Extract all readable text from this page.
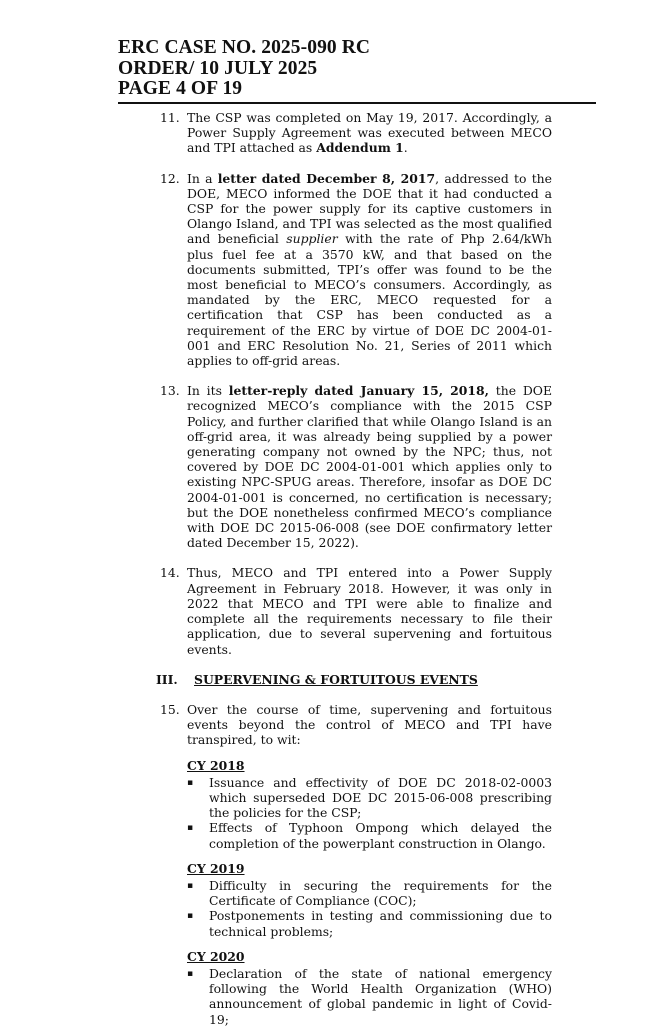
ERC CASE NO. 2025-090 RC
ORDER/ 10 JULY 2025
PAGE 4 OF 19
11. The CSP was completed on May 19, 2017. Accordingly, a Power Supply Agreement was executed between MECO and TPI attached as Addendum 1.
12. In a letter dated December 8, 2017, addressed to the DOE, MECO informed the DOE that it had conducted a CSP for the power supply for its captive customers in Olango Island, and TPI was selected as the most qualified and beneficial supplier with the rate of Php 2.64/kWh plus fuel fee at a 3570 kW, and that based on the documents submitted, TPI’s offer was found to be the most beneficial to MECO’s consumers. Accordingly, as mandated by the ERC, MECO requested for a certification that CSP has been conducted as a requirement of the ERC by virtue of DOE DC 2004-01-001 and ERC Resolution No. 21, Series of 2011 which applies to off-grid areas.
13. In its letter-reply dated January 15, 2018, the DOE recognized MECO’s compliance with the 2015 CSP Policy, and further clarified that while Olango Island is an off-grid area, it was already being supplied by a power generating company not owned by the NPC; thus, not covered by DOE DC 2004-01-001 which applies only to existing NPC-SPUG areas. Therefore, insofar as DOE DC 2004-01-001 is concerned, no certification is necessary; but the DOE nonetheless confirmed MECO’s compliance with DOE DC 2015-06-008 (see DOE confirmatory letter dated December 15, 2022).
14. Thus, MECO and TPI entered into a Power Supply Agreement in February 2018. However, it was only in 2022 that MECO and TPI were able to finalize and complete all the requirements necessary to file their application, due to several supervening and fortuitous events.
III.	SUPERVENING & FORTUITOUS EVENTS
15. Over the course of time, supervening and fortuitous events beyond the control of MECO and TPI have transpired, to wit:
CY 2018
▪	Issuance and effectivity of DOE DC 2018-02-0003 which superseded DOE DC 2015-06-008 prescribing the policies for the CSP;
▪	Effects of Typhoon Ompong which delayed the completion of the powerplant construction in Olango.
CY 2019
▪	Difficulty in securing the requirements for the Certificate of Compliance (COC);
▪	Postponements in testing and commissioning due to technical problems;
CY 2020
▪	Declaration of the state of national emergency following the World Health Organization (WHO) announcement of global pandemic in light of Covid-19;
